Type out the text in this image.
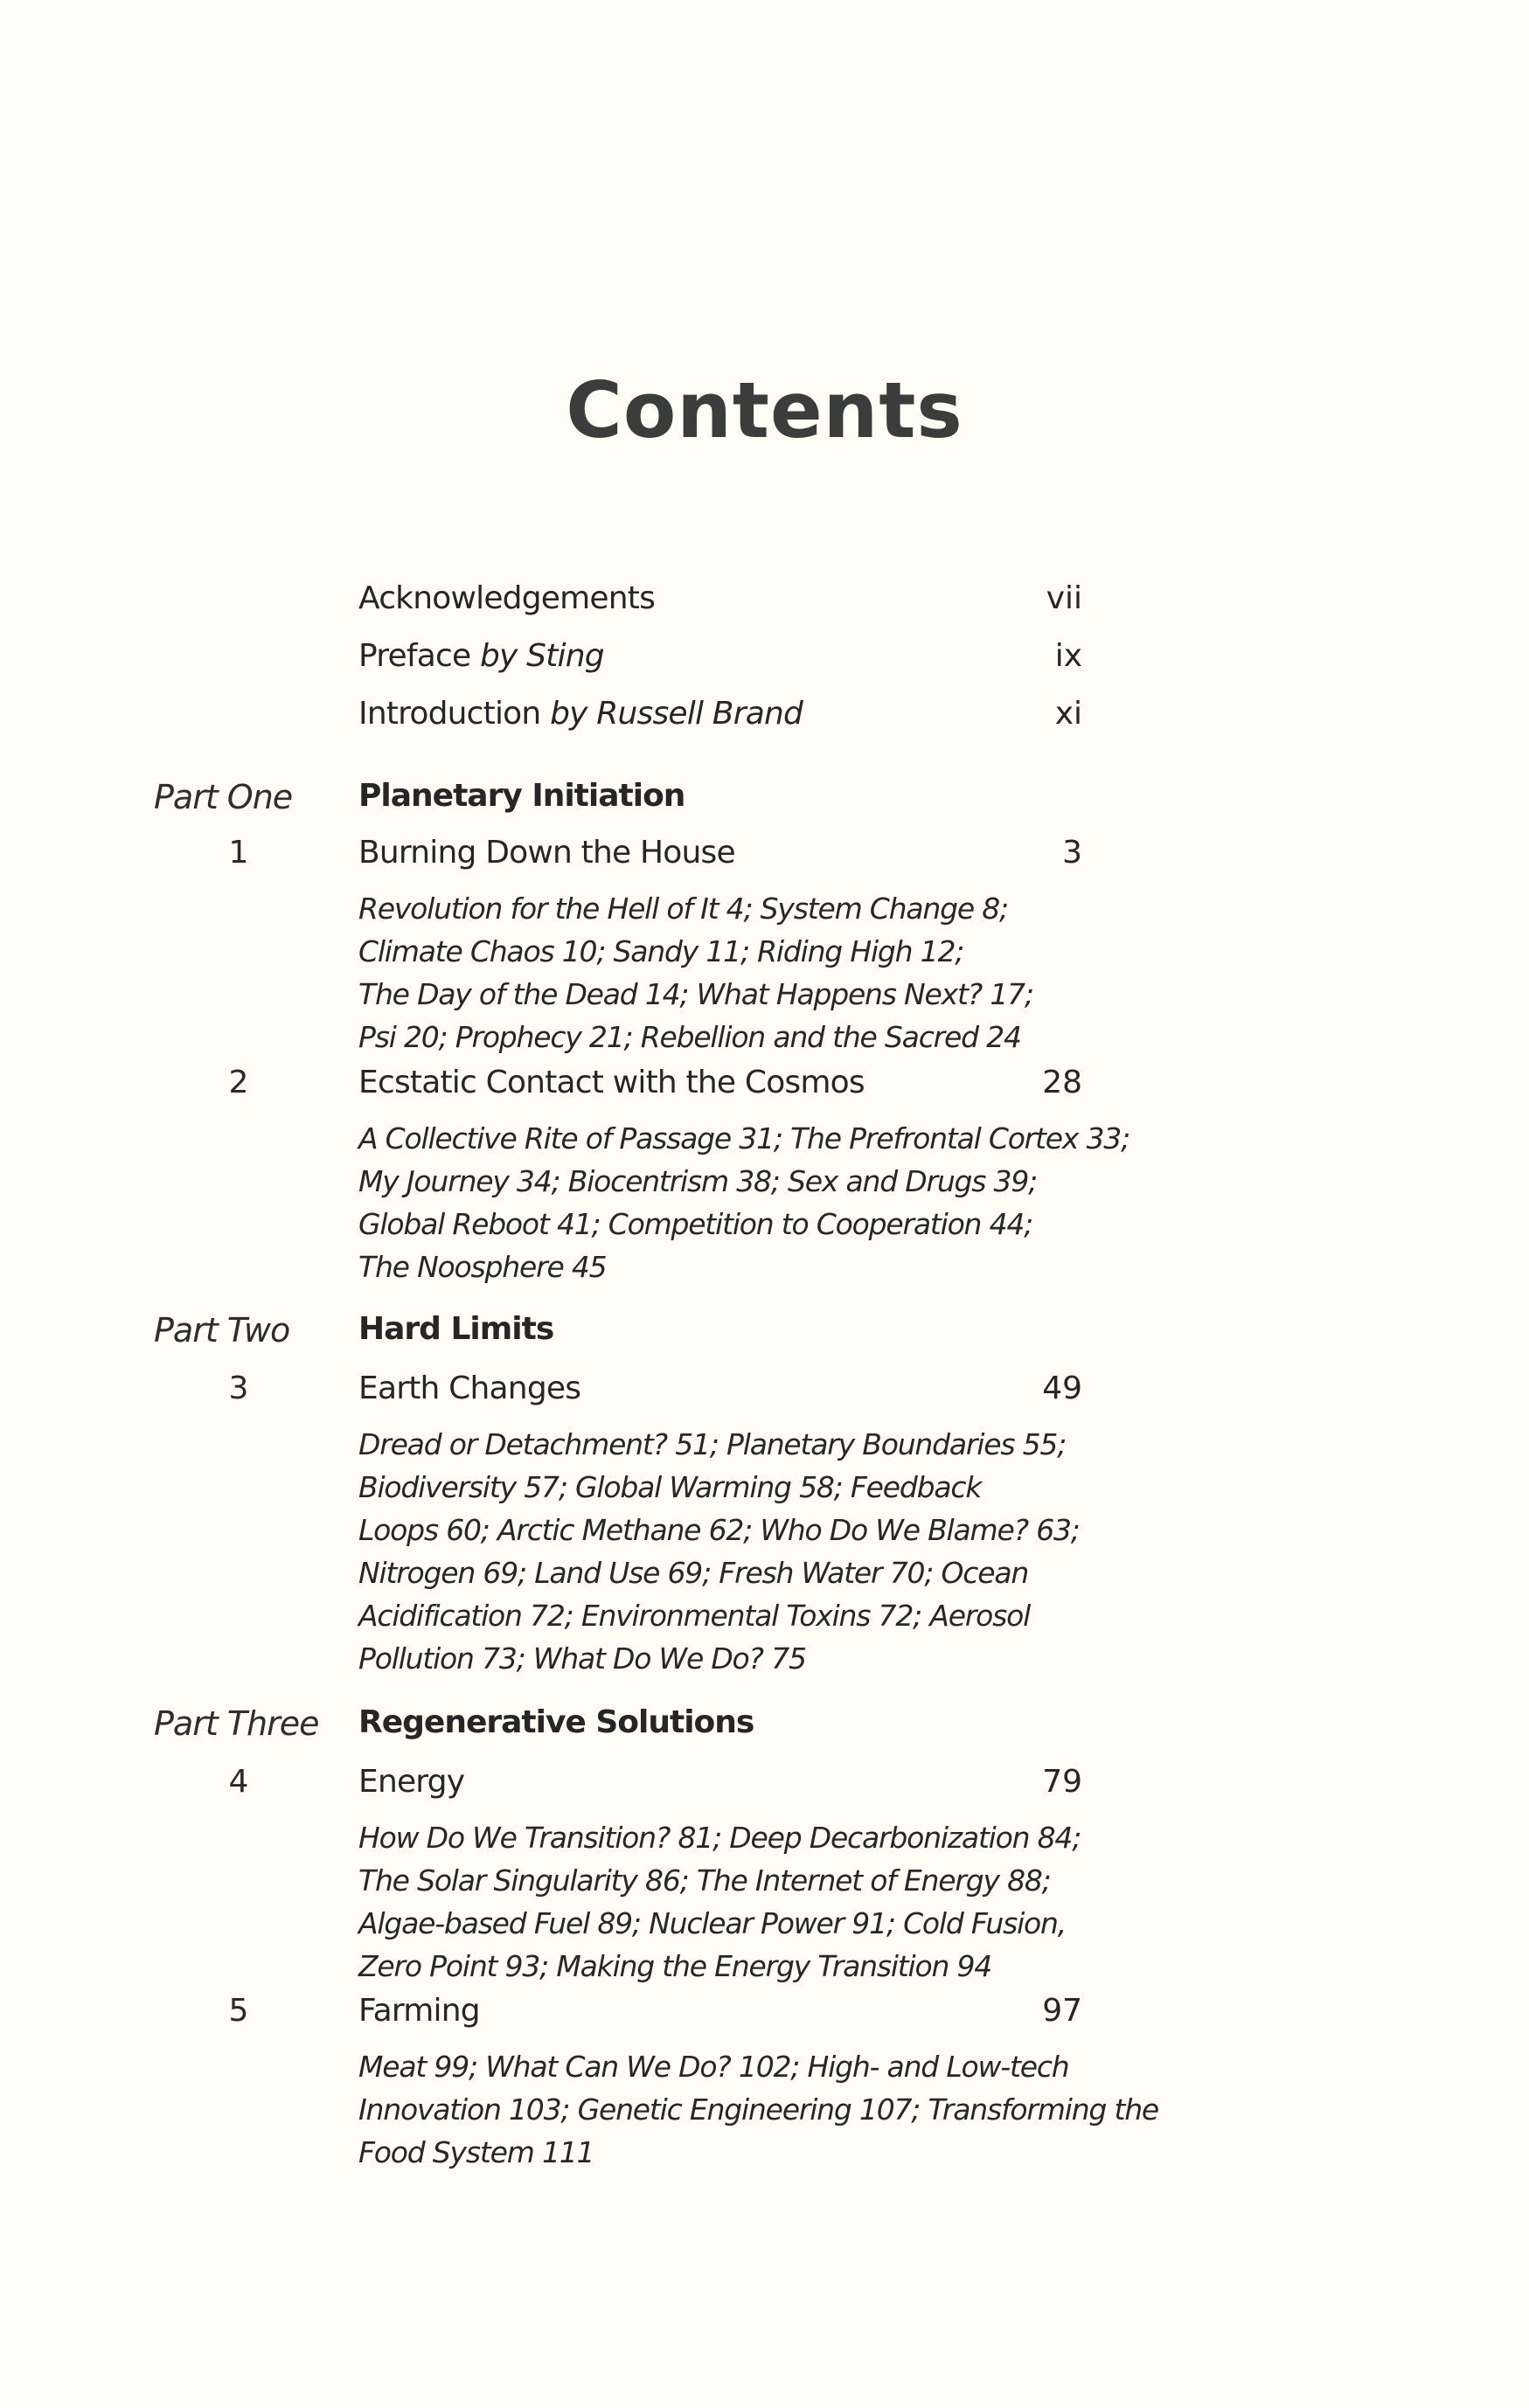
Contents
Acknowledgements	vii
Preface by Sting	ix
Introduction by Russell Brand	xi
Part One	Planetary Initiation
1	Burning Down the House	3
Revolution for the Hell of It 4; System Change 8;
Climate Chaos 10; Sandy 11; Riding High 12;
The Day of the Dead 14; What Happens Next? 17;
Psi 20; Prophecy 21; Rebellion and the Sacred 24
2	Ecstatic Contact with the Cosmos	28
A Collective Rite of Passage 31; The Prefrontal Cortex 33;
My Journey 34; Biocentrism 38; Sex and Drugs 39;
Global Reboot 41; Competition to Cooperation 44;
The Noosphere 45
Part Two	Hard Limits
3	Earth Changes	49
Dread or Detachment? 51; Planetary Boundaries 55;
Biodiversity 57; Global Warming 58; Feedback
Loops 60; Arctic Methane 62; Who Do We Blame? 63;
Nitrogen 69; Land Use 69; Fresh Water 70; Ocean
Acidification 72; Environmental Toxins 72; Aerosol
Pollution 73; What Do We Do? 75
Part Three	Regenerative Solutions
4	Energy	79
How Do We Transition? 81; Deep Decarbonization 84;
The Solar Singularity 86; The Internet of Energy 88;
Algae-based Fuel 89; Nuclear Power 91; Cold Fusion,
Zero Point 93; Making the Energy Transition 94
5	Farming	97
Meat 99; What Can We Do? 102; High- and Low-tech
Innovation 103; Genetic Engineering 107; Transforming the
Food System 111
